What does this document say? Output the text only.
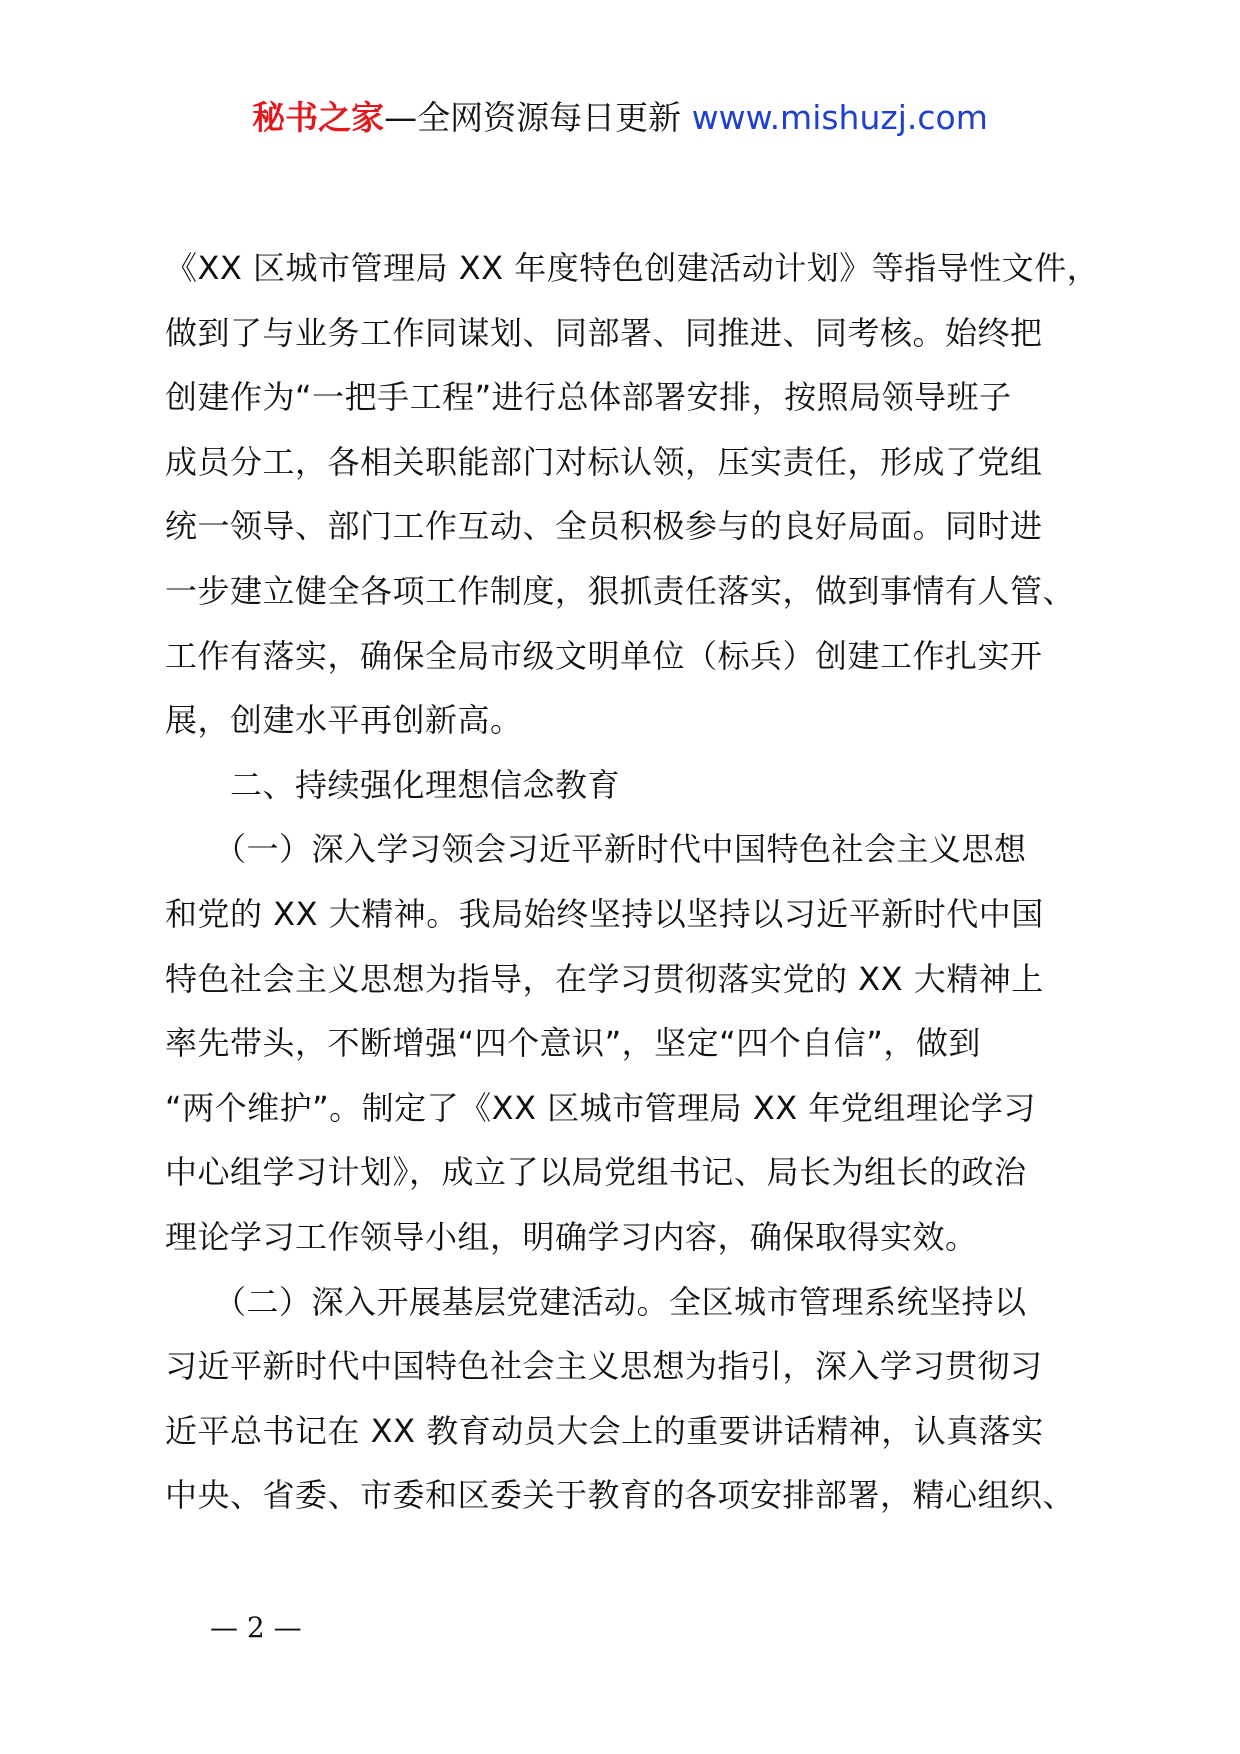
秘书之家—全网资源每日更新 www.mishuzj.com
《XX 区城市管理局 XX 年度特色创建活动计划》等指导性文件，
做到了与业务工作同谋划、同部署、同推进、同考核。始终把
创建作为“一把手工程”进行总体部署安排，按照局领导班子
成员分工，各相关职能部门对标认领，压实责任，形成了党组
统一领导、部门工作互动、全员积极参与的良好局面。同时进
一步建立健全各项工作制度，狠抓责任落实，做到事情有人管、
工作有落实，确保全局市级文明单位（标兵）创建工作扎实开
展，创建水平再创新高。
　　二、持续强化理想信念教育
　　（一）深入学习领会习近平新时代中国特色社会主义思想
和党的 XX 大精神。我局始终坚持以坚持以习近平新时代中国
特色社会主义思想为指导，在学习贯彻落实党的 XX 大精神上
率先带头，不断增强“四个意识”，坚定“四个自信”，做到
“两个维护”。制定了《XX 区城市管理局 XX 年党组理论学习
中心组学习计划》，成立了以局党组书记、局长为组长的政治
理论学习工作领导小组，明确学习内容，确保取得实效。
　　（二）深入开展基层党建活动。全区城市管理系统坚持以
习近平新时代中国特色社会主义思想为指引，深入学习贯彻习
近平总书记在 XX 教育动员大会上的重要讲话精神，认真落实
中央、省委、市委和区委关于教育的各项安排部署，精心组织、
— 2 —
